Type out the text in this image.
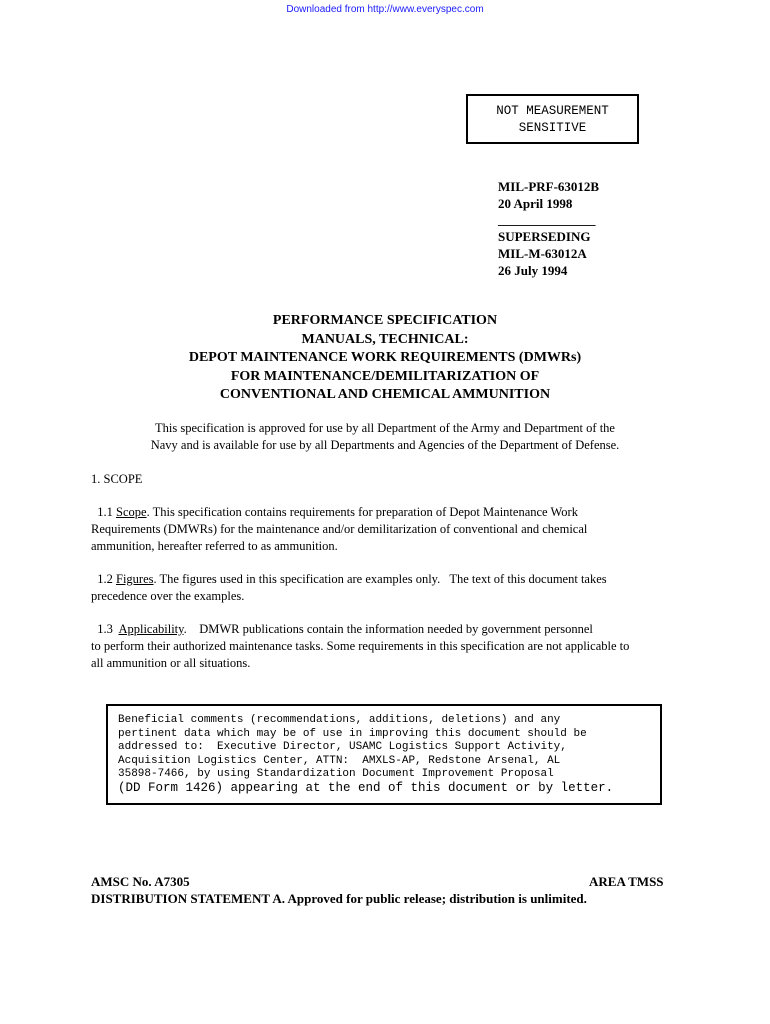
Downloaded from http://www.everyspec.com
NOT MEASUREMENT
SENSITIVE
MIL-PRF-63012B
20 April 1998
_______________
SUPERSEDING
MIL-M-63012A
26 July 1994
PERFORMANCE SPECIFICATION
MANUALS, TECHNICAL:
DEPOT MAINTENANCE WORK REQUIREMENTS (DMWRs)
FOR MAINTENANCE/DEMILITARIZATION OF
CONVENTIONAL AND CHEMICAL AMMUNITION
This specification is approved for use by all Department of the Army and Department of the
Navy and is available for use by all Departments and Agencies of the Department of Defense.
1. SCOPE
1.1 Scope. This specification contains requirements for preparation of Depot Maintenance Work
Requirements (DMWRs) for the maintenance and/or demilitarization of conventional and chemical
ammunition, hereafter referred to as ammunition.
1.2 Figures. The figures used in this specification are examples only.   The text of this document takes
precedence over the examples.
1.3 Applicability.    DMWR publications contain the information needed by government personnel
to perform their authorized maintenance tasks. Some requirements in this specification are not applicable to
all ammunition or all situations.
Beneficial comments (recommendations, additions, deletions) and any
pertinent data which may be of use in improving this document should be
addressed to:  Executive Director, USAMC Logistics Support Activity,
Acquisition Logistics Center, ATTN:  AMXLS-AP, Redstone Arsenal, AL
35898-7466, by using Standardization Document Improvement Proposal
(DD Form 1426) appearing at the end of this document or by letter.
AMSC No. A7305
DISTRIBUTION STATEMENT A. Approved for public release; distribution is unlimited.
AREA TMSS
